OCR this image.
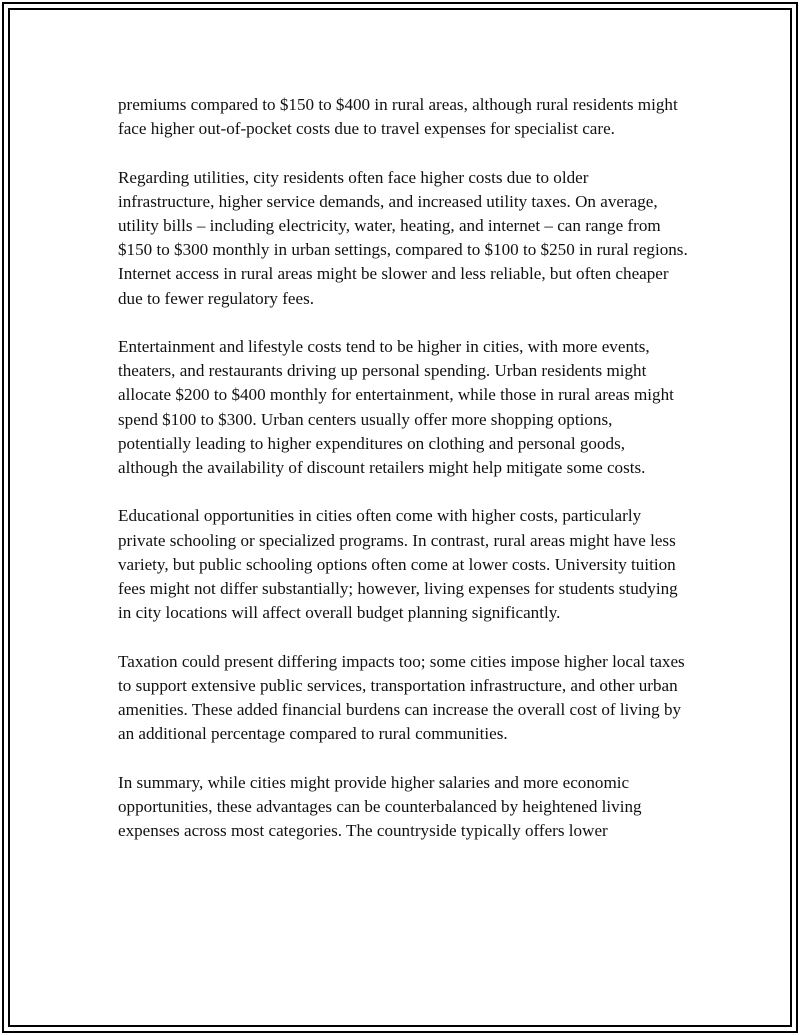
premiums compared to $150 to $400 in rural areas, although rural residents might face higher out-of-pocket costs due to travel expenses for specialist care.

Regarding utilities, city residents often face higher costs due to older infrastructure, higher service demands, and increased utility taxes. On average, utility bills – including electricity, water, heating, and internet – can range from $150 to $300 monthly in urban settings, compared to $100 to $250 in rural regions. Internet access in rural areas might be slower and less reliable, but often cheaper due to fewer regulatory fees.

Entertainment and lifestyle costs tend to be higher in cities, with more events, theaters, and restaurants driving up personal spending. Urban residents might allocate $200 to $400 monthly for entertainment, while those in rural areas might spend $100 to $300. Urban centers usually offer more shopping options, potentially leading to higher expenditures on clothing and personal goods, although the availability of discount retailers might help mitigate some costs.

Educational opportunities in cities often come with higher costs, particularly private schooling or specialized programs. In contrast, rural areas might have less variety, but public schooling options often come at lower costs. University tuition fees might not differ substantially; however, living expenses for students studying in city locations will affect overall budget planning significantly.

Taxation could present differing impacts too; some cities impose higher local taxes to support extensive public services, transportation infrastructure, and other urban amenities. These added financial burdens can increase the overall cost of living by an additional percentage compared to rural communities.

In summary, while cities might provide higher salaries and more economic opportunities, these advantages can be counterbalanced by heightened living expenses across most categories. The countryside typically offers lower
